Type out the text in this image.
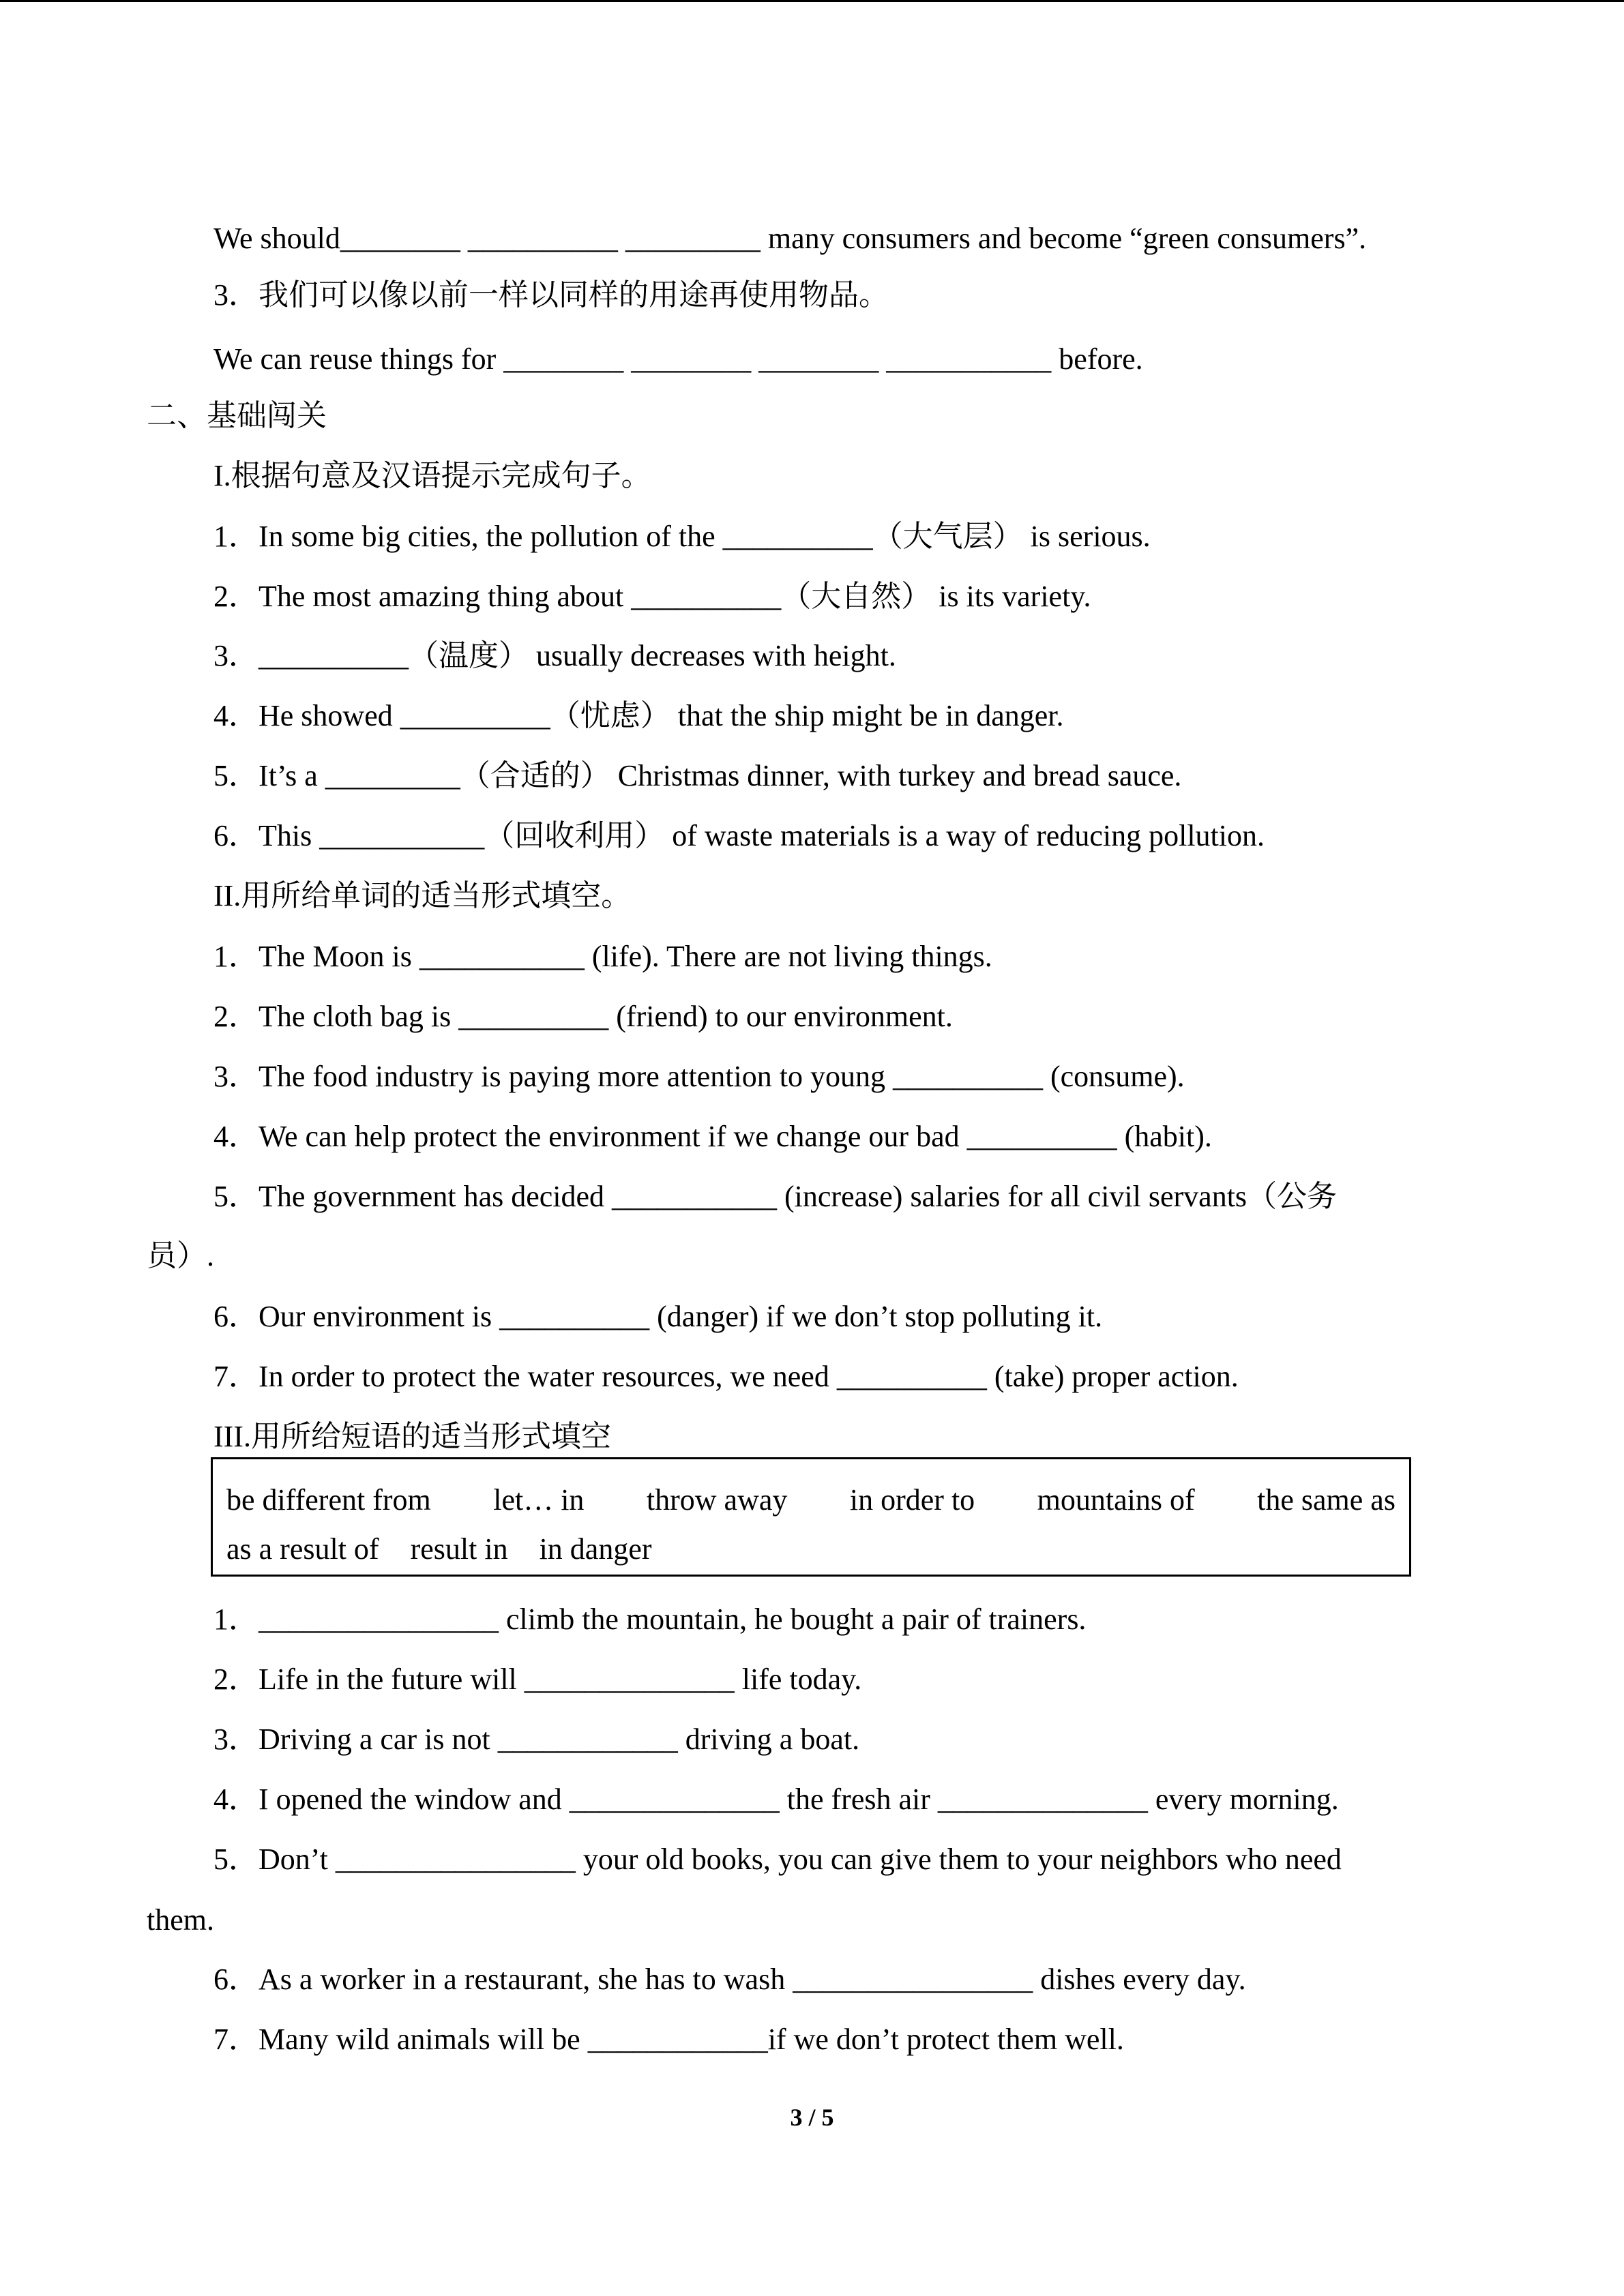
We should________ __________ _________ many consumers and become “green consumers”.
3．我们可以像以前一样以同样的用途再使用物品。
We can reuse things for ________ ________ ________ ___________ before.
二、基础闯关
I.根据句意及汉语提示完成句子。
1．In some big cities, the pollution of the __________（大气层） is serious.
2．The most amazing thing about __________（大自然） is its variety.
3．__________（温度） usually decreases with height.
4．He showed __________（忧虑） that the ship might be in danger.
5．It’s a _________（合适的） Christmas dinner, with turkey and bread sauce.
6．This ___________（回收利用） of waste materials is a way of reducing pollution.
II.用所给单词的适当形式填空。
1．The Moon is ___________ (life). There are not living things.
2．The cloth bag is __________ (friend) to our environment.
3．The food industry is paying more attention to young __________ (consume).
4．We can help protect the environment if we change our bad __________ (habit).
5．The government has decided ___________ (increase) salaries for all civil servants（公务
员）.
6．Our environment is __________ (danger) if we don’t stop polluting it.
7．In order to protect the water resources, we need __________ (take) proper action.
III.用所给短语的适当形式填空
be different from let… in throw away in order to mountains of the same as
as a result of result in in danger
1．________________ climb the mountain, he bought a pair of trainers.
2．Life in the future will ______________ life today.
3．Driving a car is not ____________ driving a boat.
4．I opened the window and ______________ the fresh air ______________ every morning.
5．Don’t ________________ your old books, you can give them to your neighbors who need
them.
6．As a worker in a restaurant, she has to wash ________________ dishes every day.
7．Many wild animals will be ____________if we don’t protect them well.
3 / 5
